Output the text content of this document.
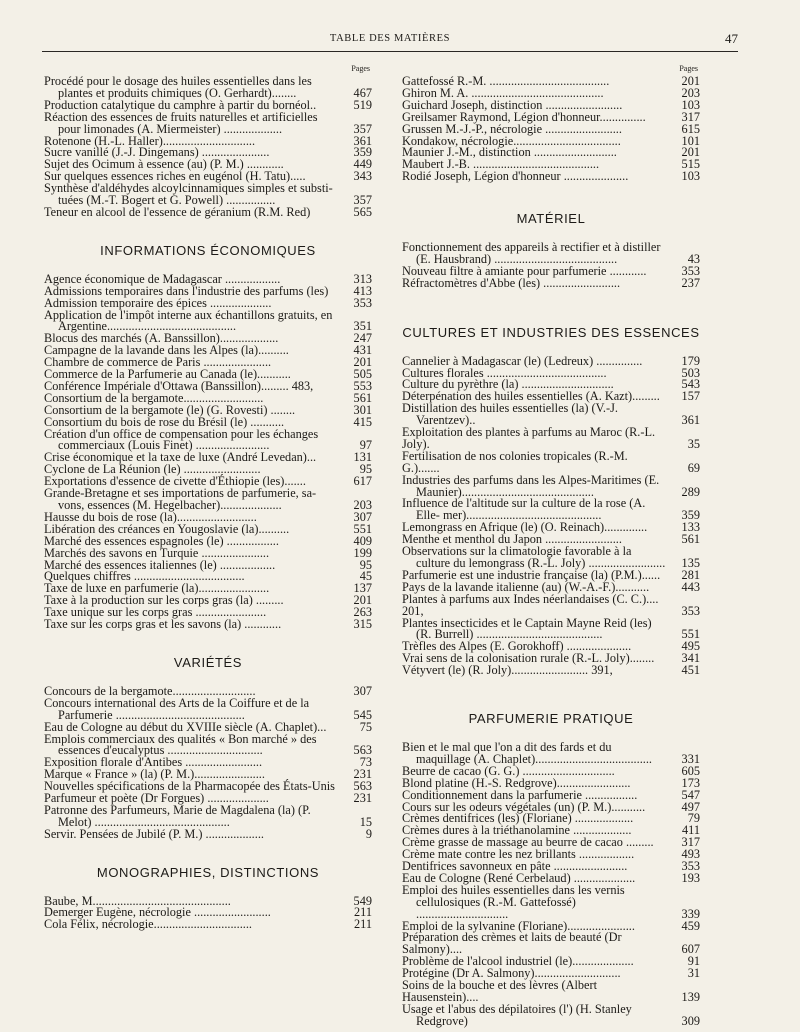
TABLE DES MATIÈRES	47
Pages
Procédé pour le dosage des huiles essentielles dans les plantes et produits chimiques (O. Gerhardt)........	467
Production catalytique du camphre à partir du bornéol..	519
Réaction des essences de fruits naturelles et artificielles pour limonades (A. Miermeister) ...................	357
Rotenone (H.-L. Haller)..............................	361
Sucre vanillé (J.-J. Dingemans) ......................	359
Sujet des Ocimum à essence (au) (P. M.) ............	449
Sur quelques essences riches en eugénol (H. Tatu).....	343
Synthèse d'aldéhydes alcoylcinnamiques simples et substi- tuées (M.-T. Bogert et G. Powell) ................	357
Teneur en alcool de l'essence de géranium (R.M. Red)	565
INFORMATIONS ÉCONOMIQUES
Agence économique de Madagascar ..................	313
Admissions temporaires dans l'industrie des parfums (les)	413
Admission temporaire des épices ....................	353
Application de l'impôt interne aux échantillons gratuits, en Argentine..........................................	351
Blocus des marchés (A. Banssillon)...................	247
Campagne de la lavande dans les Alpes (la)..........	431
Chambre de commerce de Paris ......................	201
Commerce de la Parfumerie au Canada (le)...........	505
Conférence Impériale d'Ottawa (Banssillon)......... 483,	553
Consortium de la bergamote..........................	561
Consortium de la bergamote (le) (G. Rovesti) ........	301
Consortium du bois de rose du Brésil (le) ...........	415
Création d'un office de compensation pour les échanges commerciaux (Louis Finet) ........................	97
Crise économique et la taxe de luxe (André Levedan)...	131
Cyclone de La Réunion (le) .........................	95
Exportations d'essence de civette d'Éthiopie (les).......	617
Grande-Bretagne et ses importations de parfumerie, sa- vons, essences (M. Hegelbacher)....................	203
Hausse du bois de rose (la)..........................	307
Libération des créances en Yougoslavie (la)..........	551
Marché des essences espagnoles (le) .................	409
Marchés des savons en Turquie ......................	199
Marché des essences italiennes (le) ..................	95
Quelques chiffres ....................................	45
Taxe de luxe en parfumerie (la).......................	137
Taxe à la production sur les corps gras (la) .........	201
Taxe unique sur les corps gras .......................	263
Taxe sur les corps gras et les savons (la) ............	315
VARIÉTÉS
Concours de la bergamote...........................	307
Concours international des Arts de la Coiffure et de la Parfumerie ..........................................	545
Eau de Cologne au début du XVIIIe siècle (A. Chaplet)...	75
Emplois commerciaux des qualités « Bon marché » des essences d'eucalyptus ...............................	563
Exposition florale d'Antibes .........................	73
Marque « France » (la) (P. M.).......................	231
Nouvelles spécifications de la Pharmacopée des États-Unis	563
Parfumeur et poète (Dr Forgues) ....................	231
Patronne des Parfumeurs, Marie de Magdalena (la) (P. Melot) ............................................	15
Servir. Pensées de Jubilé (P. M.) ...................	9
MONOGRAPHIES, DISTINCTIONS
Baube, M.............................................	549
Demerger Eugène, nécrologie .........................	211
Cola Félix, nécrologie................................	211
Pages
Gattefossé R.-M. .......................................	201
Ghiron M. A. ...........................................	203
Guichard Joseph, distinction .........................	103
Greilsamer Raymond, Légion d'honneur...............	317
Grussen M.-J.-P., nécrologie .........................	615
Kondakow, nécrologie...................................	101
Maunier J.-M., distinction ...........................	201
Maubert J.-B. .........................................	515
Rodié Joseph, Légion d'honneur .....................	103
MATÉRIEL
Fonctionnement des appareils à rectifier et à distiller (E. Hausbrand) ........................................	43
Nouveau filtre à amiante pour parfumerie ............	353
Réfractomètres d'Abbe (les) .........................	237
CULTURES ET INDUSTRIES DES ESSENCES
Cannelier à Madagascar (le) (Ledreux) ...............	179
Cultures florales .......................................	503
Culture du pyrèthre (la) ..............................	543
Déterpénation des huiles essentielles (A. Kazt).........	157
Distillation des huiles essentielles (la) (V.-J. Varentzev)..	361
Exploitation des plantes à parfums au Maroc (R.-L. Joly).	35
Fertilisation de nos colonies tropicales (R.-M. G.).......	69
Industries des parfums dans les Alpes-Maritimes (E. Maunier)...........................................	289
Influence de l'altitude sur la culture de la rose (A. Elle- mer)............................................	359
Lemongrass en Afrique (le) (O. Reinach)..............	133
Menthe et menthol du Japon .........................	561
Observations sur la climatologie favorable à la culture du lemongrass (R.-L. Joly) .........................	135
Parfumerie est une industrie française (la) (P.M.)......	281
Pays de la lavande italienne (au) (W.-A.-F.)...........	443
Plantes à parfums aux Indes néerlandaises (C. C.).... 201,	353
Plantes insecticides et le Captain Mayne Reid (les) (R. Burrell) .........................................	551
Trèfles des Alpes (E. Gorokhoff) .....................	495
Vrai sens de la colonisation rurale (R.-L. Joly)........	341
Vétyvert (le) (R. Joly)......................... 391,	451
PARFUMERIE PRATIQUE
Bien et le mal que l'on a dit des fards et du maquillage (A. Chaplet)......................................	331
Beurre de cacao (G. G.) ..............................	605
Blond platine (H.-S. Redgrove)........................	173
Conditionnement dans la parfumerie .................	547
Cours sur les odeurs végétales (un) (P. M.)...........	497
Crèmes dentifrices (les) (Floriane) ...................	79
Crèmes dures à la triéthanolamine ...................	411
Crème grasse de massage au beurre de cacao .........	317
Crème mate contre les nez brillants ..................	493
Dentifrices savonneux en pâte ........................	353
Eau de Cologne (René Cerbelaud) ....................	193
Emploi des huiles essentielles dans les vernis cellulosiques (R.-M. Gattefossé) ..............................	339
Emploi de la sylvanine (Floriane)......................	459
Préparation des crèmes et laits de beauté (Dr Salmony)....	607
Problème de l'alcool industriel (le)....................	91
Protégine (Dr A. Salmony)............................	31
Soins de la bouche et des lèvres (Albert Hausenstein)....	139
Usage et l'abus des dépilatoires (l') (H. Stanley Redgrove)	309
